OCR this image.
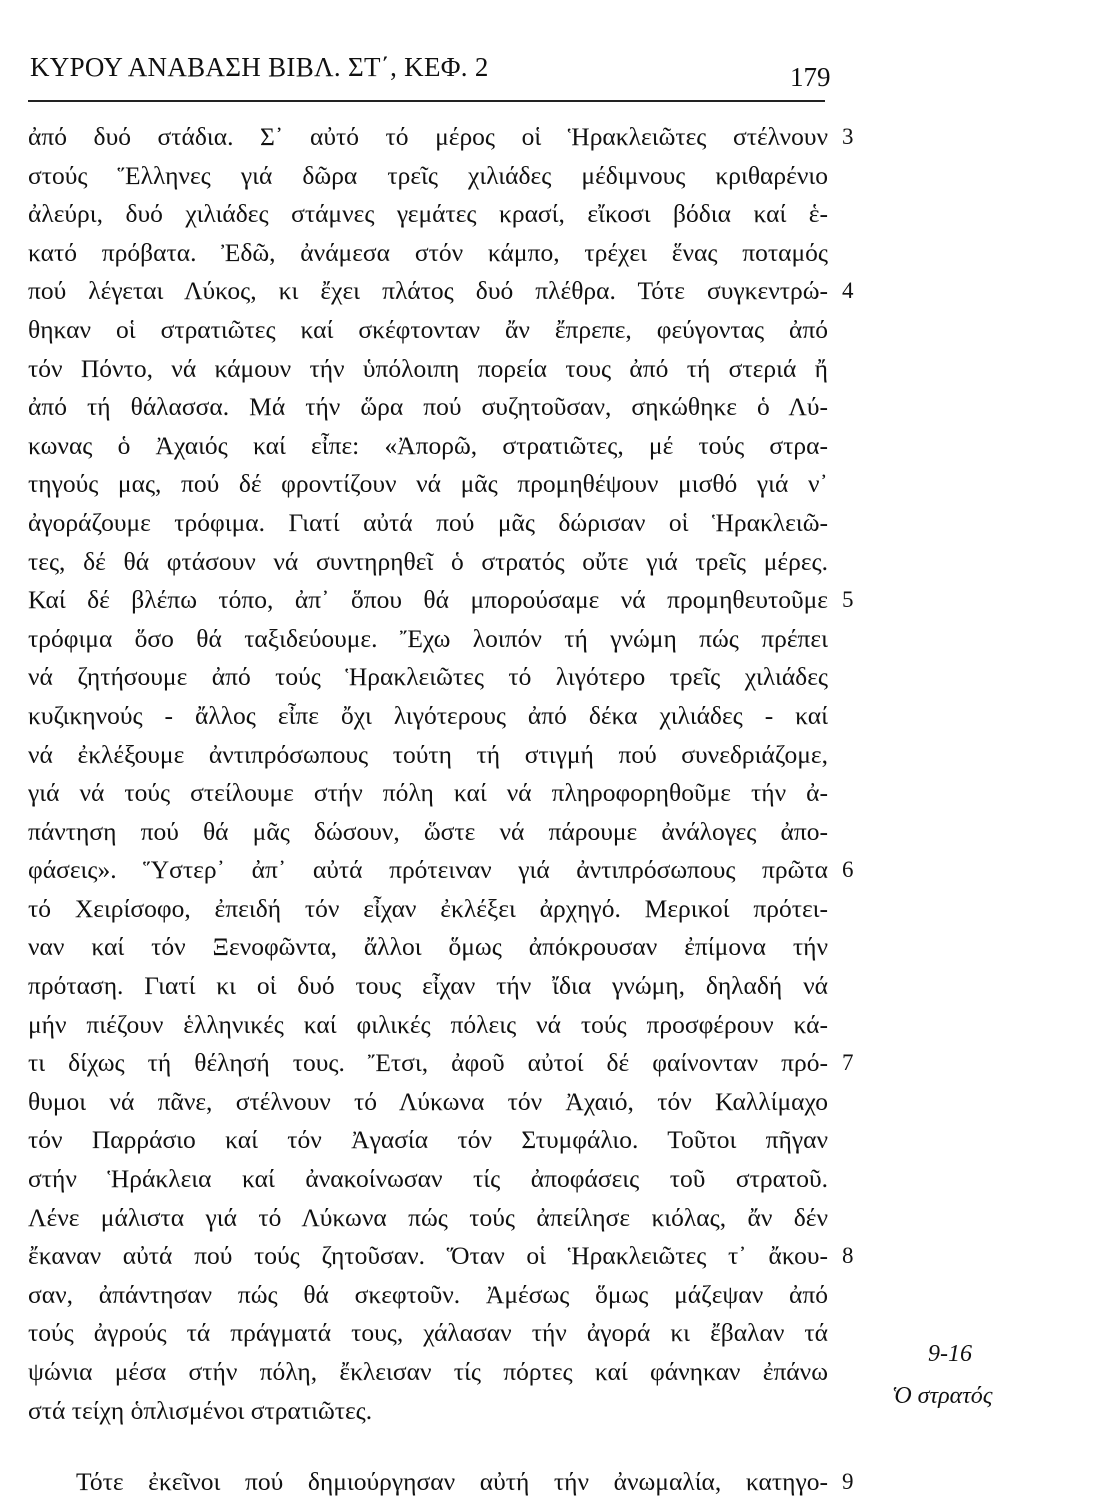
ΚΥΡΟΥ ΑΝΑΒΑΣΗ ΒΙΒΛ. ΣΤ΄, ΚΕΦ. 2	179
ἀπό δυό στάδια. Σ᾽ αὐτό τό μέρος οἱ Ἡρακλειῶτες στέλνουν
στούς Ἕλληνες γιά δῶρα τρεῖς χιλιάδες μέδιμνους κριθαρένιο
ἀλεύρι, δυό χιλιάδες στάμνες γεμάτες κρασί, εἴκοσι βόδια καί ἑ-
κατό πρόβατα. Ἐδῶ, ἀνάμεσα στόν κάμπο, τρέχει ἕνας ποταμός
πού λέγεται Λύκος, κι ἔχει πλάτος δυό πλέθρα. Τότε συγκεντρώ-
θηκαν οἱ στρατιῶτες καί σκέφτονταν ἄν ἔπρεπε, φεύγοντας ἀπό
τόν Πόντο, νά κάμουν τήν ὑπόλοιπη πορεία τους ἀπό τή στεριά ἤ
ἀπό τή θάλασσα. Μά τήν ὥρα πού συζητοῦσαν, σηκώθηκε ὁ Λύ-
κωνας ὁ Ἀχαιός καί εἶπε: «Ἀπορῶ, στρατιῶτες, μέ τούς στρα-
τηγούς μας, πού δέ φροντίζουν νά μᾶς προμηθέψουν μισθό γιά ν᾽
ἀγοράζουμε τρόφιμα. Γιατί αὐτά πού μᾶς δώρισαν οἱ Ἡρακλειῶ-
τες, δέ θά φτάσουν νά συντηρηθεῖ ὁ στρατός οὔτε γιά τρεῖς μέρες.
Καί δέ βλέπω τόπο, ἀπ᾽ ὅπου θά μπορούσαμε νά προμηθευτοῦμε
τρόφιμα ὅσο θά ταξιδεύουμε. Ἔχω λοιπόν τή γνώμη πώς πρέπει
νά ζητήσουμε ἀπό τούς Ἡρακλειῶτες τό λιγότερο τρεῖς χιλιάδες
κυζικηνούς - ἄλλος εἶπε ὄχι λιγότερους ἀπό δέκα χιλιάδες - καί
νά ἐκλέξουμε ἀντιπρόσωπους τούτη τή στιγμή πού συνεδριάζομε,
γιά νά τούς στείλουμε στήν πόλη καί νά πληροφορηθοῦμε τήν ἀ-
πάντηση πού θά μᾶς δώσουν, ὥστε νά πάρουμε ἀνάλογες ἀπο-
φάσεις». Ὕστερ᾽ ἀπ᾽ αὐτά πρότειναν γιά ἀντιπρόσωπους πρῶτα
τό Χειρίσοφο, ἐπειδή τόν εἶχαν ἐκλέξει ἀρχηγό. Μερικοί πρότει-
ναν καί τόν Ξενοφῶντα, ἄλλοι ὅμως ἀπόκρουσαν ἐπίμονα τήν
πρόταση. Γιατί κι οἱ δυό τους εἶχαν τήν ἴδια γνώμη, δηλαδή νά
μήν πιέζουν ἑλληνικές καί φιλικές πόλεις νά τούς προσφέρουν κά-
τι δίχως τή θέλησή τους. Ἔτσι, ἀφοῦ αὐτοί δέ φαίνονταν πρό-
θυμοι νά πᾶνε, στέλνουν τό Λύκωνα τόν Ἀχαιό, τόν Καλλίμαχο
τόν Παρράσιο καί τόν Ἀγασία τόν Στυμφάλιο. Τοῦτοι πῆγαν
στήν Ἡράκλεια καί ἀνακοίνωσαν τίς ἀποφάσεις τοῦ στρατοῦ.
Λένε μάλιστα γιά τό Λύκωνα πώς τούς ἀπείλησε κιόλας, ἄν δέν
ἔκαναν αὐτά πού τούς ζητοῦσαν. Ὅταν οἱ Ἡρακλειῶτες τ᾽ ἄκου-
σαν, ἀπάντησαν πώς θά σκεφτοῦν. Ἀμέσως ὅμως μάζεψαν ἀπό
τούς ἀγρούς τά πράγματά τους, χάλασαν τήν ἀγορά κι ἔβαλαν τά
ψώνια μέσα στήν πόλη, ἔκλεισαν τίς πόρτες καί φάνηκαν ἐπάνω
στά τείχη ὁπλισμένοι στρατιῶτες.
Τότε ἐκεῖνοι πού δημιούργησαν αὐτή τήν ἀνωμαλία, κατηγο-
3
4
5
6
7
8
9
9-16
Ὁ στρατός
